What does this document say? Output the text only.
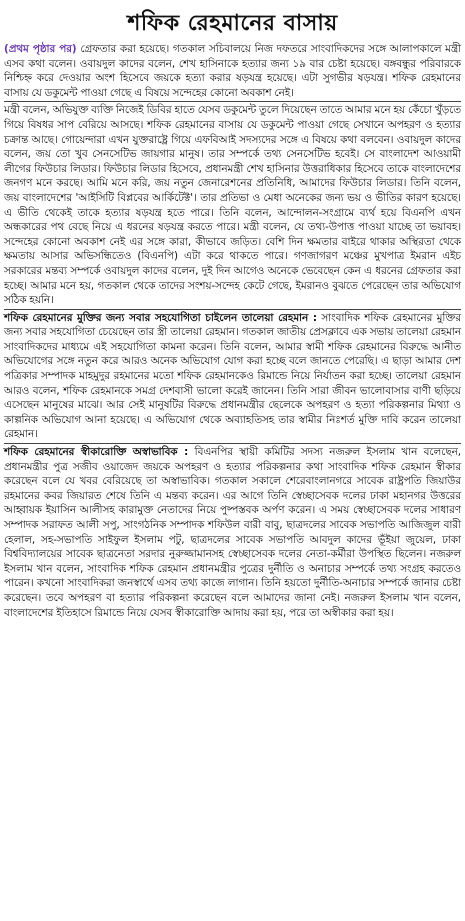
শফিক রেহমানের বাসায়

(প্রথম পৃষ্ঠার পর) গ্রেফতার করা হয়েছে। গতকাল সচিবালয়ে নিজ দফতরে সাংবাদিকদের সঙ্গে আলাপকালে মন্ত্রী এসব কথা বলেন। ওবায়দুল কাদের বলেন, শেখ হাসিনাকে হত্যার জন্য ১৯ বার চেষ্টা হয়েছে। বঙ্গবন্ধুর পরিবারকে নিশ্চিহ্ন করে দেওয়ার অংশ হিসেবে জয়কে হত্যা করার ষড়যন্ত্র হয়েছে। এটা সুগভীর ষড়যন্ত্র। শফিক রেহমানের বাসায় যে ডকুমেন্ট পাওয়া গেছে এ বিষয়ে সন্দেহের কোনো অবকাশ নেই।

মন্ত্রী বলেন, অভিযুক্ত ব্যক্তি নিজেই ডিবির হাতে যেসব ডকুমেন্ট তুলে দিয়েছেন তাতে আমার মনে হয় কেঁচো খুঁড়তে গিয়ে বিষধর সাপ বেরিয়ে আসছে। শফিক রেহমানের বাসায় যে ডকুমেন্ট পাওয়া গেছে সেখানে অপহরণ ও হত্যার চক্রান্ত আছে। গোয়েন্দারা এখন যুক্তরাষ্ট্রে গিয়ে এফবিআই সদস্যদের সঙ্গে এ বিষয়ে কথা বলবেন। ওবায়দুল কাদের বলেন, জয় তো খুব সেনসেটিভ জায়গার মানুষ। তার সম্পর্কে তথ্য সেনসেটিভ হবেই। সে বাংলাদেশ আওয়ামী লীগের ফিউচার লিডার। ফিউচার লিডার হিসেবে, প্রধানমন্ত্রী শেখ হাসিনার উত্তরাধিকার হিসেবে তাকে বাংলাদেশের জনগণ মনে করছে। আমি মনে করি, জয় নতুন জেনারেশনের প্রতিনিধি, আমাদের ফিউচার লিডার। তিনি বলেন, জয় বাংলাদেশের 'আইসিটি বিপ্লবের আর্কিটেক্ট'। তার প্রতিভা ও মেধা অনেকের জন্য ভয় ও ভীতির কারণ হয়েছে। এ ভীতি থেকেই তাকে হত্যার ষড়যন্ত্র হতে পারে। তিনি বলেন, আন্দোলন-সংগ্রামে ব্যর্থ হয়ে বিএনপি এখন অন্ধকারের পথ বেছে নিয়ে এ ধরনের ষড়যন্ত্র করতে পারে। মন্ত্রী বলেন, যে তথ্য-উপাত্ত পাওয়া যাচ্ছে তা ভয়াবহ। সন্দেহের কোনো অবকাশ নেই এর সঙ্গে কারা, কীভাবে জড়িত। বেশি দিন ক্ষমতার বাইরে থাকার অস্থিরতা থেকে ক্ষমতায় আসার অভিসন্ধিতেও (বিএনপি) এটা করে থাকতে পারে। গণজাগরণ মঞ্চের মুখপাত্র ইমরান এইচ সরকারের মন্তব্য সম্পর্কে ওবায়দুল কাদের বলেন, দুই দিন আগেও অনেকে ভেবেছেন কেন এ ধরনের গ্রেফতার করা হচ্ছে। আমার মনে হয়, গতকাল থেকে তাদের সংশয়-সন্দেহ কেটে গেছে, ইমরানও বুঝতে পেরেছেন তার অভিযোগ সঠিক হয়নি।

শফিক রেহমানের মুক্তির জন্য সবার সহযোগিতা চাইলেন তালেয়া রেহমান : সাংবাদিক শফিক রেহমানের মুক্তির জন্য সবার সহযোগিতা চেয়েছেন তার স্ত্রী তালেয়া রেহমান। গতকাল জাতীয় প্রেসক্লাবে এক সভায় তালেয়া রেহমান সাংবাদিকদের মাধ্যমে এই সহযোগিতা কামনা করেন। তিনি বলেন, আমার স্বামী শফিক রেহমানের বিরুদ্ধে আনীত অভিযোগের সঙ্গে নতুন করে আরও অনেক অভিযোগ যোগ করা হচ্ছে বলে জানতে পেরেছি। এ ছাড়া আমার দেশ পত্রিকার সম্পাদক মাহমুদুর রহমানের মতো শফিক রেহমানকেও রিমান্ডে নিয়ে নির্যাতন করা হচ্ছে। তালেয়া রেহমান আরও বলেন, শফিক রেহমানকে সমগ্র দেশবাসী ভালো করেই জানেন। তিনি সারা জীবন ভালোবাসার বাণী ছড়িয়ে এসেছেন মানুষের মাঝে। আর সেই মানুষটির বিরুদ্ধে প্রধানমন্ত্রীর ছেলেকে অপহরণ ও হত্যা পরিকল্পনার মিথ্যা ও কাল্পনিক অভিযোগ আনা হয়েছে। এ অভিযোগ থেকে অব্যাহতিসহ তার স্বামীর নিঃশর্ত মুক্তি দাবি করেন তালেয়া রেহমান।

শফিক রেহমানের স্বীকারোক্তি অস্বাভাবিক : বিএনপির স্থায়ী কমিটির সদস্য নজরুল ইসলাম খান বলেছেন, প্রধানমন্ত্রীর পুত্র সজীব ওয়াজেদ জয়কে অপহরণ ও হত্যার পরিকল্পনার কথা সাংবাদিক শফিক রেহমান স্বীকার করেছেন বলে যে খবর বেরিয়েছে তা অস্বাভাবিক। গতকাল সকালে শেরেবাংলানগরে সাবেক রাষ্ট্রপতি জিয়াউর রহমানের কবর জিয়ারত শেষে তিনি এ মন্তব্য করেন। এর আগে তিনি স্বেচ্ছাসেবক দলের ঢাকা মহানগর উত্তরের আহ্বায়ক ইয়াসিন আলীসহ কারামুক্ত নেতাদের নিয়ে পুষ্পস্তবক অর্পণ করেন। এ সময় স্বেচ্ছাসেবক দলের সাধারণ সম্পাদক সরাফত আলী সপু, সাংগঠনিক সম্পাদক শফিউল বারী বাবু, ছাত্রদলের সাবেক সভাপতি আজিজুল বারী হেলাল, সহ-সভাপতি সাইফুল ইসলাম পটু, ছাত্রদলের সাবেক সভাপতি আবদুল কাদের ভূঁইয়া জুয়েল, ঢাকা বিশ্ববিদ্যালয়ের সাবেক ছাত্রনেতা সরদার নুরুজ্জামানসহ স্বেচ্ছাসেবক দলের নেতা-কর্মীরা উপস্থিত ছিলেন। নজরুল ইসলাম খান বলেন, সাংবাদিক শফিক রেহমান প্রধানমন্ত্রীর পুত্রের দুর্নীতি ও অনাচার সম্পর্কে তথ্য সংগ্রহ করতেও পারেন। কখনো সাংবাদিকরা জনস্বার্থে এসব তথ্য কাজে লাগান। তিনি হয়তো দুর্নীতি-অনাচার সম্পর্কে জানার চেষ্টা করেছেন। তবে অপহরণ বা হত্যার পরিকল্পনা করেছেন বলে আমাদের জানা নেই। নজরুল ইসলাম খান বলেন, বাংলাদেশের ইতিহাসে রিমান্ডে নিয়ে যেসব স্বীকারোক্তি আদায় করা হয়, পরে তা অস্বীকার করা হয়।
